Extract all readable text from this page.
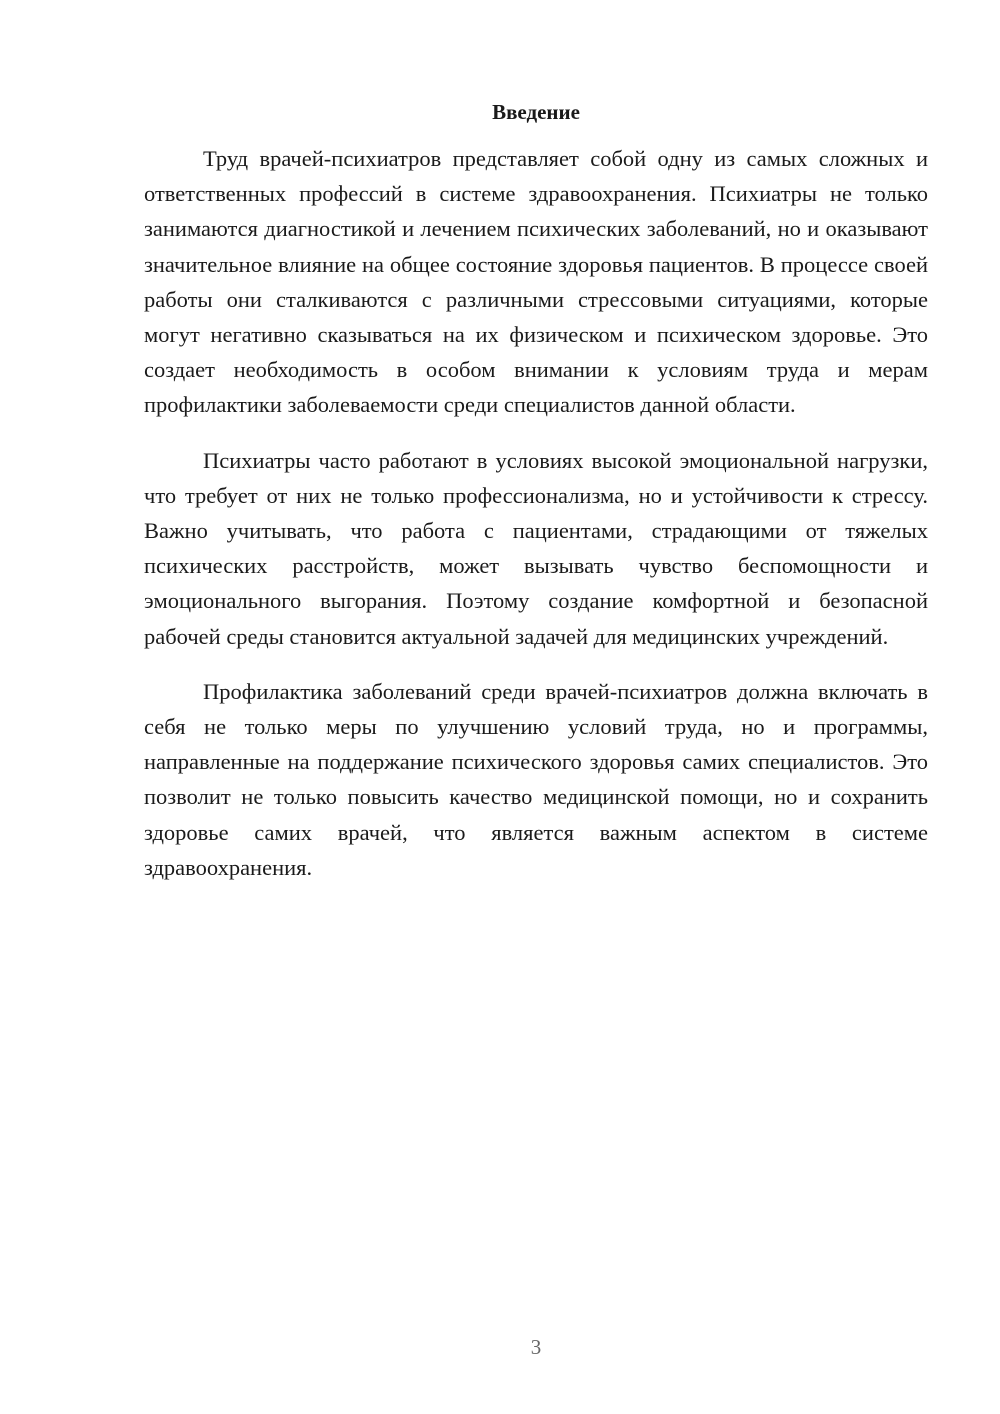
Введение

Труд врачей-психиатров представляет собой одну из самых сложных и ответственных профессий в системе здравоохранения. Психиатры не только занимаются диагностикой и лечением психических заболеваний, но и оказывают значительное влияние на общее состояние здоровья пациентов. В процессе своей работы они сталкиваются с различными стрессовыми ситуациями, которые могут негативно сказываться на их физическом и психическом здоровье. Это создает необходимость в особом внимании к условиям труда и мерам профилактики заболеваемости среди специалистов данной области.

Психиатры часто работают в условиях высокой эмоциональной нагрузки, что требует от них не только профессионализма, но и устойчивости к стрессу. Важно учитывать, что работа с пациентами, страдающими от тяжелых психических расстройств, может вызывать чувство беспомощности и эмоционального выгорания. Поэтому создание комфортной и безопасной рабочей среды становится актуальной задачей для медицинских учреждений.

Профилактика заболеваний среди врачей-психиатров должна включать в себя не только меры по улучшению условий труда, но и программы, направленные на поддержание психического здоровья самих специалистов. Это позволит не только повысить качество медицинской помощи, но и сохранить здоровье самих врачей, что является важным аспектом в системе здравоохранения.

3
